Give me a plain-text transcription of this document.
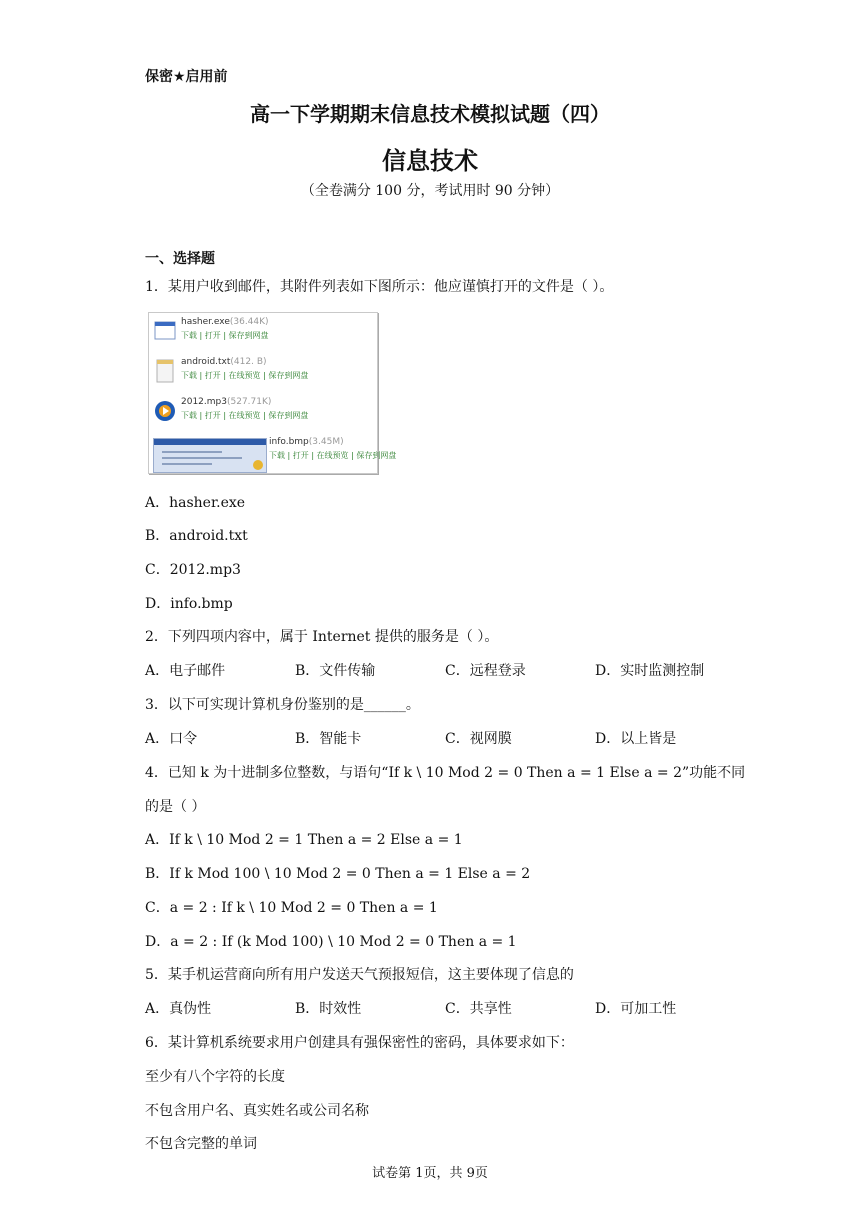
保密★启用前
高一下学期期末信息技术模拟试题（四）
信息技术
（全卷满分 100 分，考试用时 90 分钟）
一、选择题
1．某用户收到邮件，其附件列表如下图所示：他应谨慎打开的文件是（ ）。
hasher.exe(36.44K)
下载 | 打开 | 保存到网盘
android.txt(412. B)
下载 | 打开 | 在线预览 | 保存到网盘
2012.mp3(527.71K)
下载 | 打开 | 在线预览 | 保存到网盘
info.bmp(3.45M)
下载 | 打开 | 在线预览 | 保存到网盘
A．hasher.exe
B．android.txt
C．2012.mp3
D．info.bmp
2．下列四项内容中，属于 Internet 提供的服务是（ ）。
A．电子邮件	B．文件传输	C．远程登录	D．实时监测控制
3．以下可实现计算机身份鉴别的是______。
A．口令	B．智能卡	C．视网膜	D．以上皆是
4．已知 k 为十进制多位整数，与语句“If k \ 10 Mod 2 = 0 Then a = 1 Else a = 2”功能不同
的是（ ）
A．If k \ 10 Mod 2 = 1 Then a = 2 Else a = 1
B．If k Mod 100 \ 10 Mod 2 = 0 Then a = 1 Else a = 2
C．a = 2 : If k \ 10 Mod 2 = 0 Then a = 1
D．a = 2 : If (k Mod 100) \ 10 Mod 2 = 0 Then a = 1
5．某手机运营商向所有用户发送天气预报短信，这主要体现了信息的
A．真伪性	B．时效性	C．共享性	D．可加工性
6．某计算机系统要求用户创建具有强保密性的密码，具体要求如下：
至少有八个字符的长度
不包含用户名、真实姓名或公司名称
不包含完整的单词
试卷第 1页，共 9页
